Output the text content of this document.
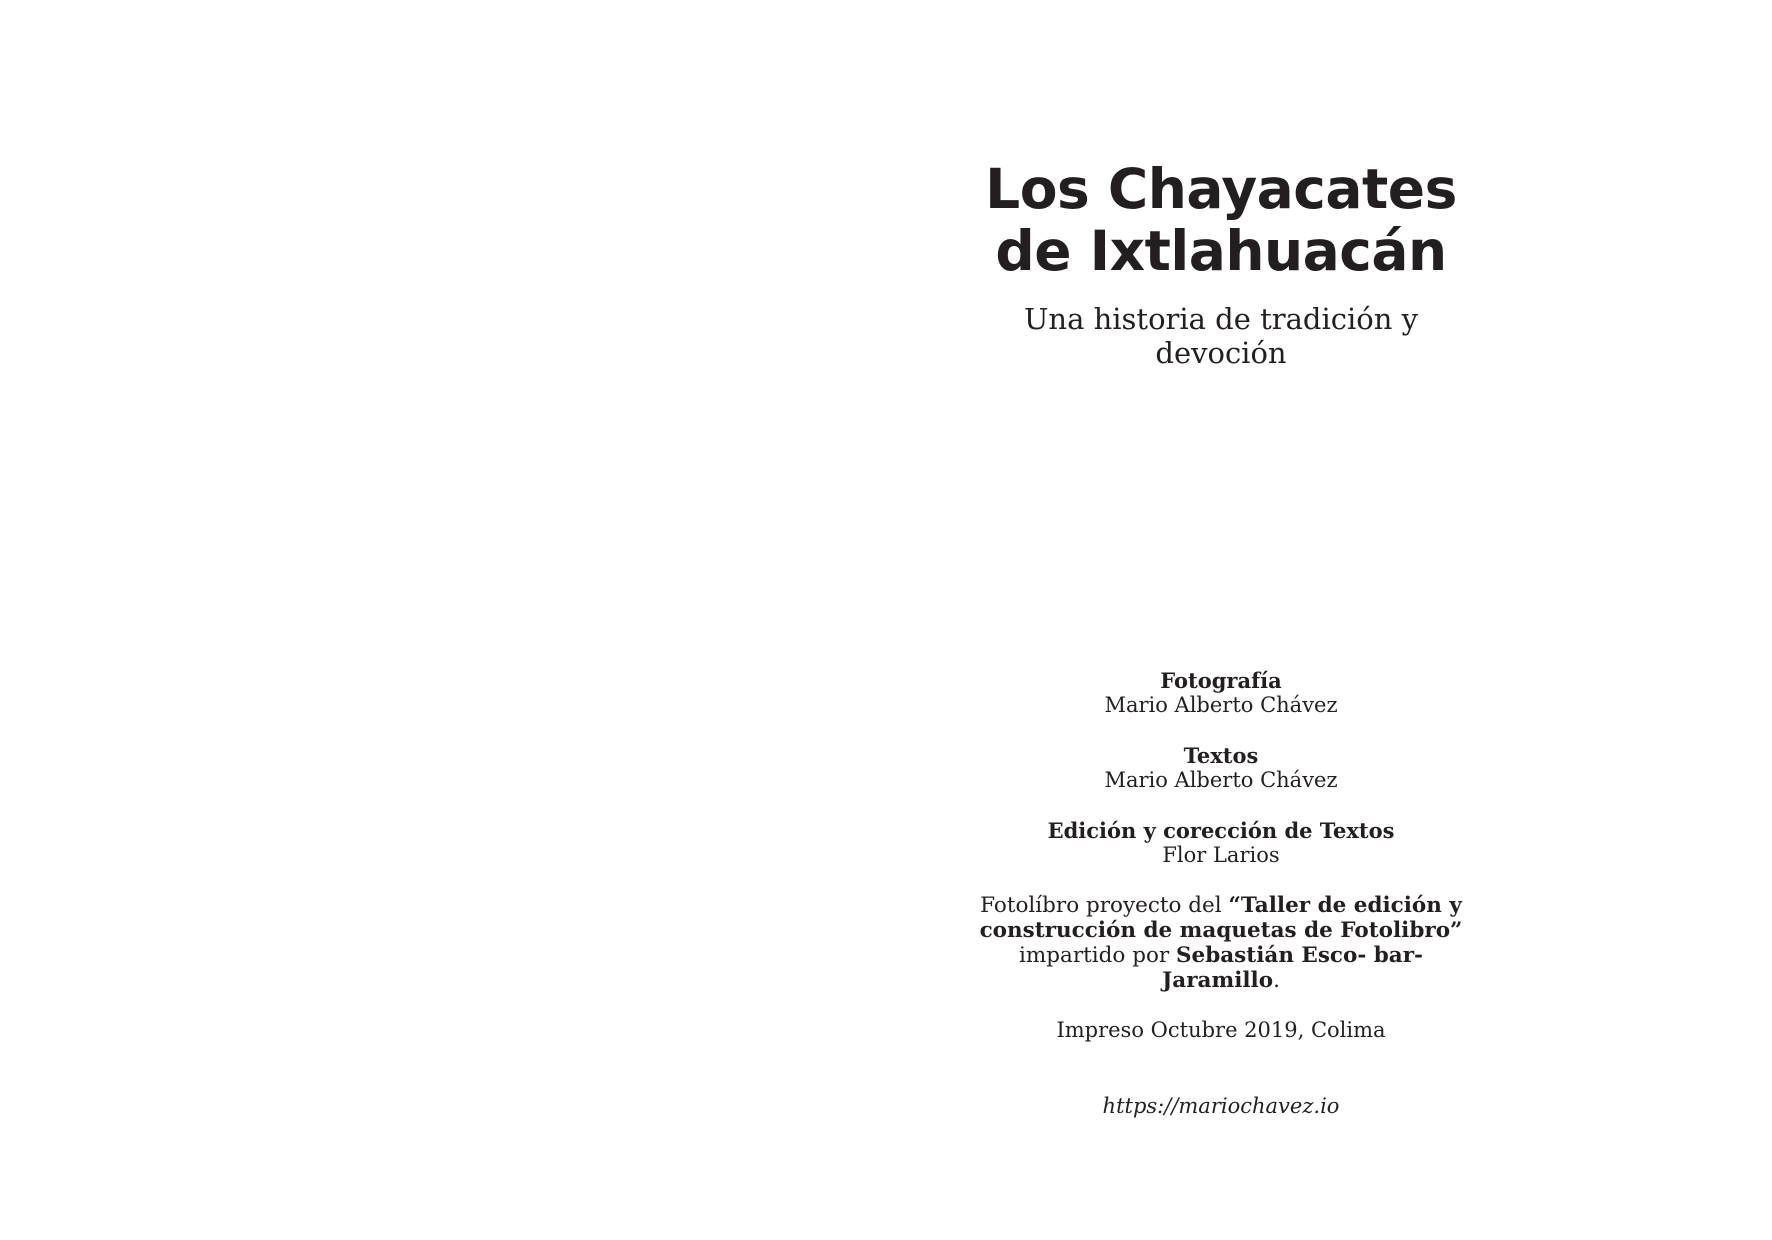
Los Chayacates
de Ixtlahuacán

Una historia de tradición y
devoción

Fotografía
Mario Alberto Chávez
Textos
Mario Alberto Chávez
Edición y corección de Textos
Flor Larios

Fotolíbro proyecto del “Taller de edición y construcción de maquetas de Fotolibro” impartido por Sebastián Esco- bar-Jaramillo.

Impreso Octubre 2019, Colima

https://mariochavez.io
